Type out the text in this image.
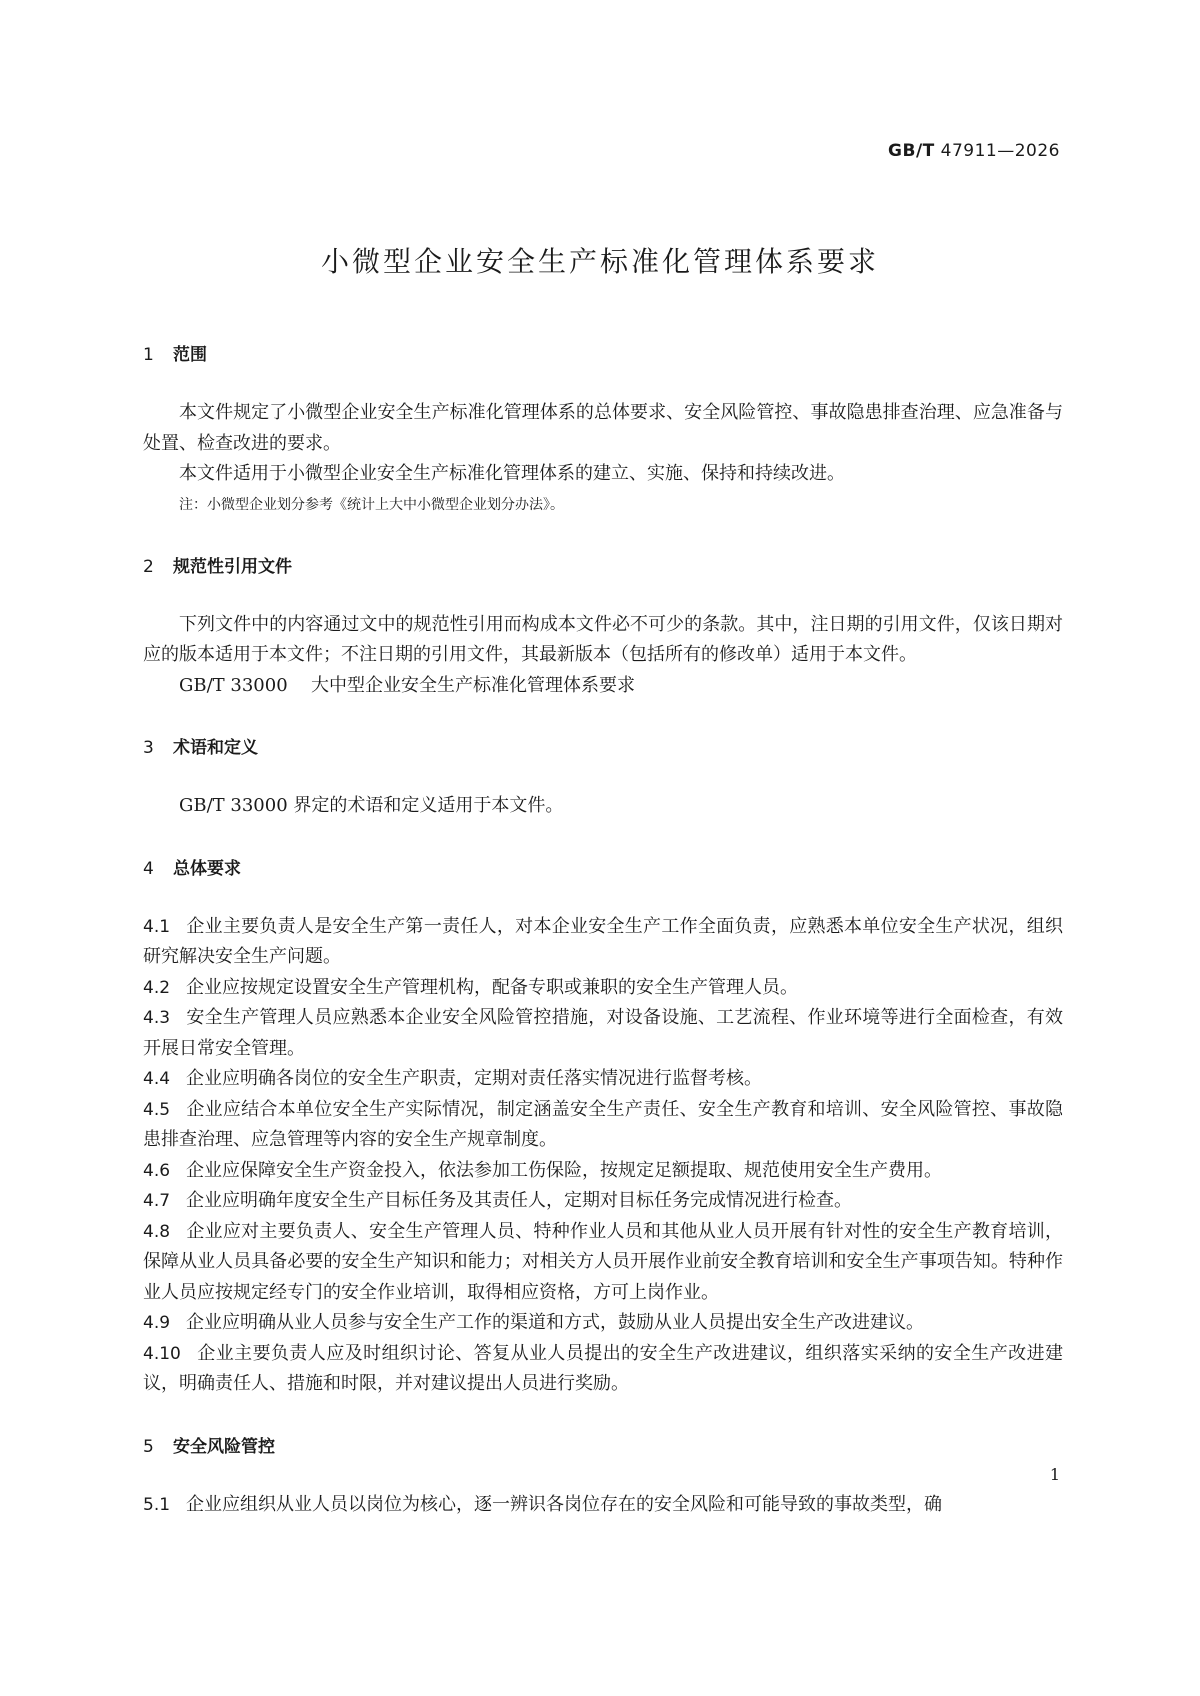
GB/T 47911—2026
小微型企业安全生产标准化管理体系要求
1 范围

本文件规定了小微型企业安全生产标准化管理体系的总体要求、安全风险管控、事故隐患排查治理、应急准备与处置、检查改进的要求。

本文件适用于小微型企业安全生产标准化管理体系的建立、实施、保持和持续改进。

注：小微型企业划分参考《统计上大中小微型企业划分办法》。

2 规范性引用文件

下列文件中的内容通过文中的规范性引用而构成本文件必不可少的条款。其中，注日期的引用文件，仅该日期对应的版本适用于本文件；不注日期的引用文件，其最新版本（包括所有的修改单）适用于本文件。

GB/T 33000 大中型企业安全生产标准化管理体系要求

3 术语和定义

GB/T 33000 界定的术语和定义适用于本文件。

4 总体要求

4.1 企业主要负责人是安全生产第一责任人，对本企业安全生产工作全面负责，应熟悉本单位安全生产状况，组织研究解决安全生产问题。

4.2 企业应按规定设置安全生产管理机构，配备专职或兼职的安全生产管理人员。

4.3 安全生产管理人员应熟悉本企业安全风险管控措施，对设备设施、工艺流程、作业环境等进行全面检查，有效开展日常安全管理。

4.4 企业应明确各岗位的安全生产职责，定期对责任落实情况进行监督考核。

4.5 企业应结合本单位安全生产实际情况，制定涵盖安全生产责任、安全生产教育和培训、安全风险管控、事故隐患排查治理、应急管理等内容的安全生产规章制度。

4.6 企业应保障安全生产资金投入，依法参加工伤保险，按规定足额提取、规范使用安全生产费用。

4.7 企业应明确年度安全生产目标任务及其责任人，定期对目标任务完成情况进行检查。

4.8 企业应对主要负责人、安全生产管理人员、特种作业人员和其他从业人员开展有针对性的安全生产教育培训，保障从业人员具备必要的安全生产知识和能力；对相关方人员开展作业前安全教育培训和安全生产事项告知。特种作业人员应按规定经专门的安全作业培训，取得相应资格，方可上岗作业。

4.9 企业应明确从业人员参与安全生产工作的渠道和方式，鼓励从业人员提出安全生产改进建议。

4.10 企业主要负责人应及时组织讨论、答复从业人员提出的安全生产改进建议，组织落实采纳的安全生产改进建议，明确责任人、措施和时限，并对建议提出人员进行奖励。

5 安全风险管控

5.1 企业应组织从业人员以岗位为核心，逐一辨识各岗位存在的安全风险和可能导致的事故类型，确

1
